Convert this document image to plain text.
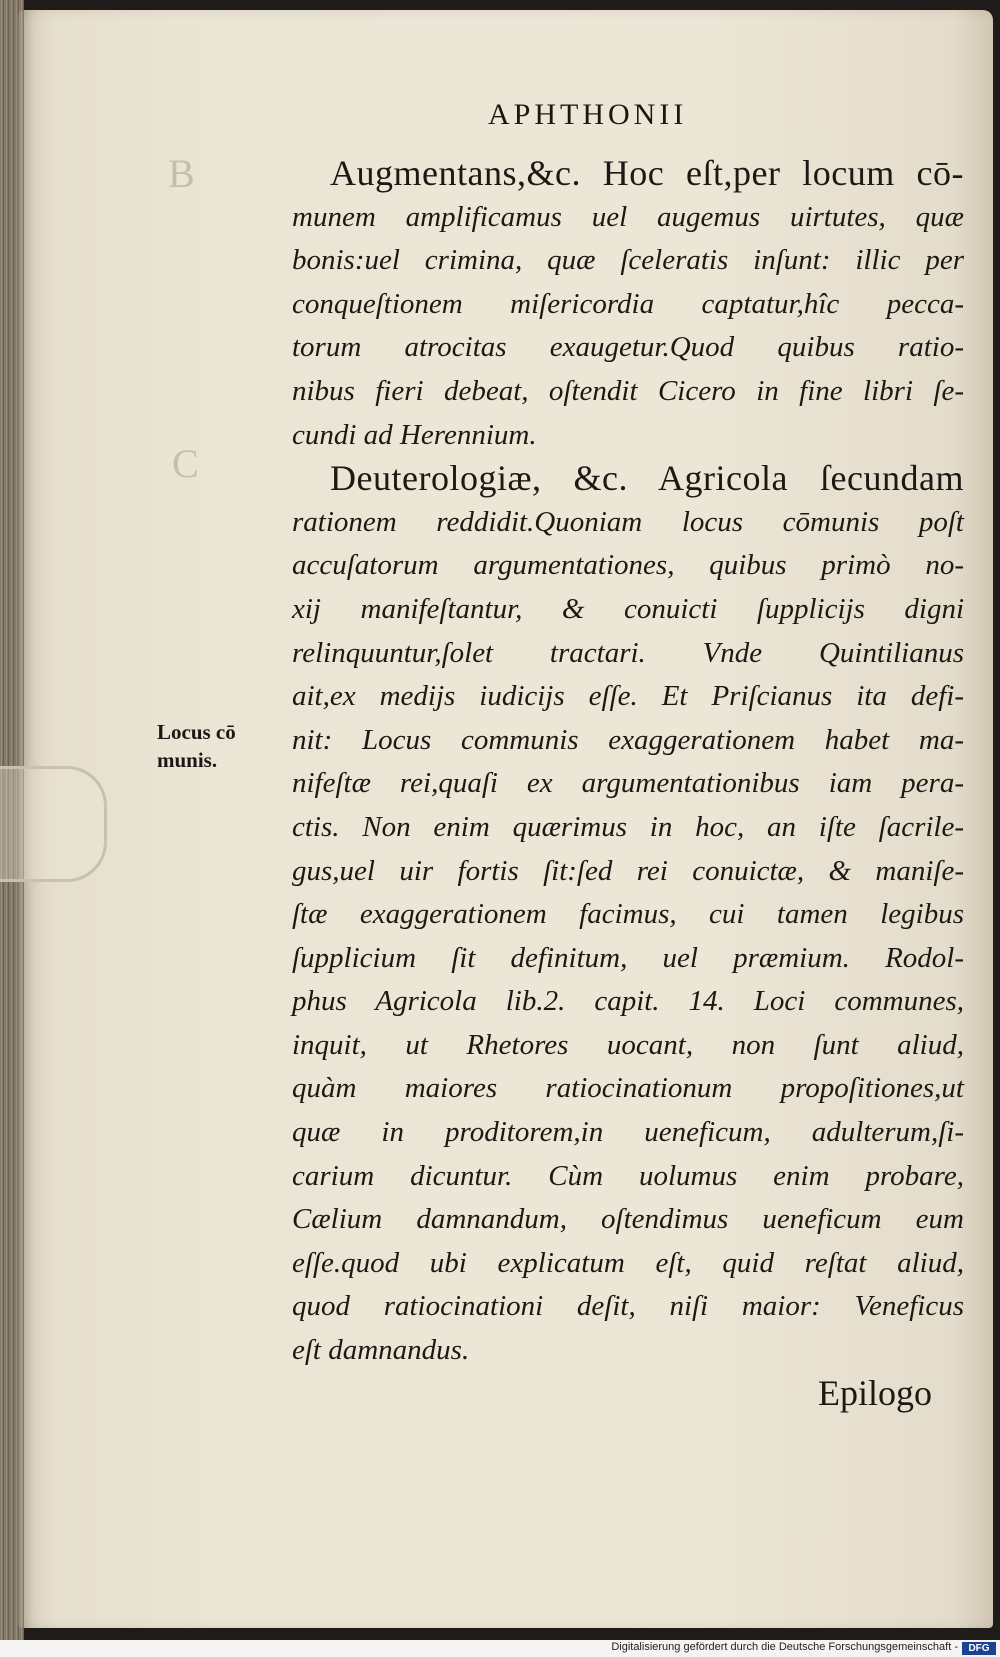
B
C
APHTHONII
Locus cō
munis.
Augmentans,&c. Hoc eſt,per locum cō-
munem amplificamus uel augemus uirtutes, quæ
bonis:uel crimina, quæ ſceleratis inſunt: illic per
conqueſtionem miſericordia captatur,hîc pecca-
torum atrocitas exaugetur.Quod quibus ratio-
nibus fieri debeat, oſtendit Cicero in fine libri ſe-
cundi ad Herennium.
Deuterologiæ, &c. Agricola ſecundam
rationem reddidit.Quoniam locus cōmunis poſt
accuſatorum argumentationes, quibus primò no-
xij manifeſtantur, & conuicti ſupplicijs digni
relinquuntur,ſolet tractari. Vnde Quintilianus
ait,ex medijs iudicijs eſſe. Et Priſcianus ita defi-
nit: Locus communis exaggerationem habet ma-
nifeſtæ rei,quaſi ex argumentationibus iam pera-
ctis. Non enim quærimus in hoc, an iſte ſacrile-
gus,uel uir fortis ſit:ſed rei conuictæ, & maniſe-
ſtæ exaggerationem facimus, cui tamen legibus
ſupplicium ſit definitum, uel præmium. Rodol-
phus Agricola lib.2. capit. 14. Loci communes,
inquit, ut Rhetores uocant, non ſunt aliud,
quàm maiores ratiocinationum propoſitiones,ut
quæ in proditorem,in ueneficum, adulterum,ſi-
carium dicuntur. Cùm uolumus enim probare,
Cælium damnandum, oſtendimus ueneficum eum
eſſe.quod ubi explicatum eſt, quid reſtat aliud,
quod ratiocinationi deſit, niſi maior: Veneficus
eſt damnandus.
Epilogo
Digitalisierung gefördert durch die Deutsche Forschungsgemeinschaft -	DFG
